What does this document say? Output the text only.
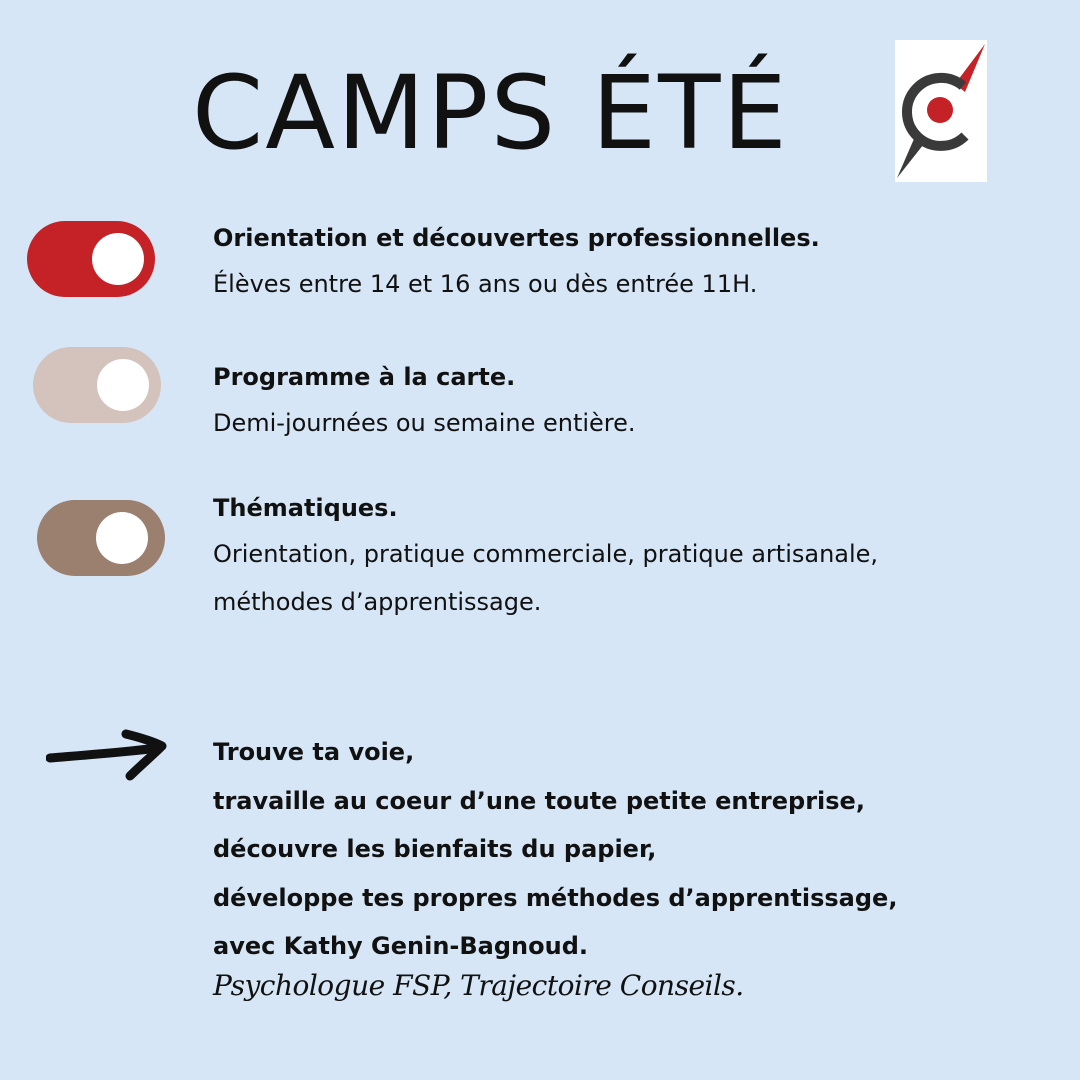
CAMPS ÉTÉ

Orientation et découvertes professionnelles.

Élèves entre 14 et 16 ans ou dès entrée 11H.

Programme à la carte.

Demi-journées ou semaine entière.

Thématiques.

Orientation, pratique commerciale, pratique artisanale,
méthodes d’apprentissage.

Trouve ta voie,
travaille au coeur d’une toute petite entreprise,
découvre les bienfaits du papier,
développe tes propres méthodes d’apprentissage,
avec Kathy Genin-Bagnoud.
Psychologue FSP, Trajectoire Conseils.
